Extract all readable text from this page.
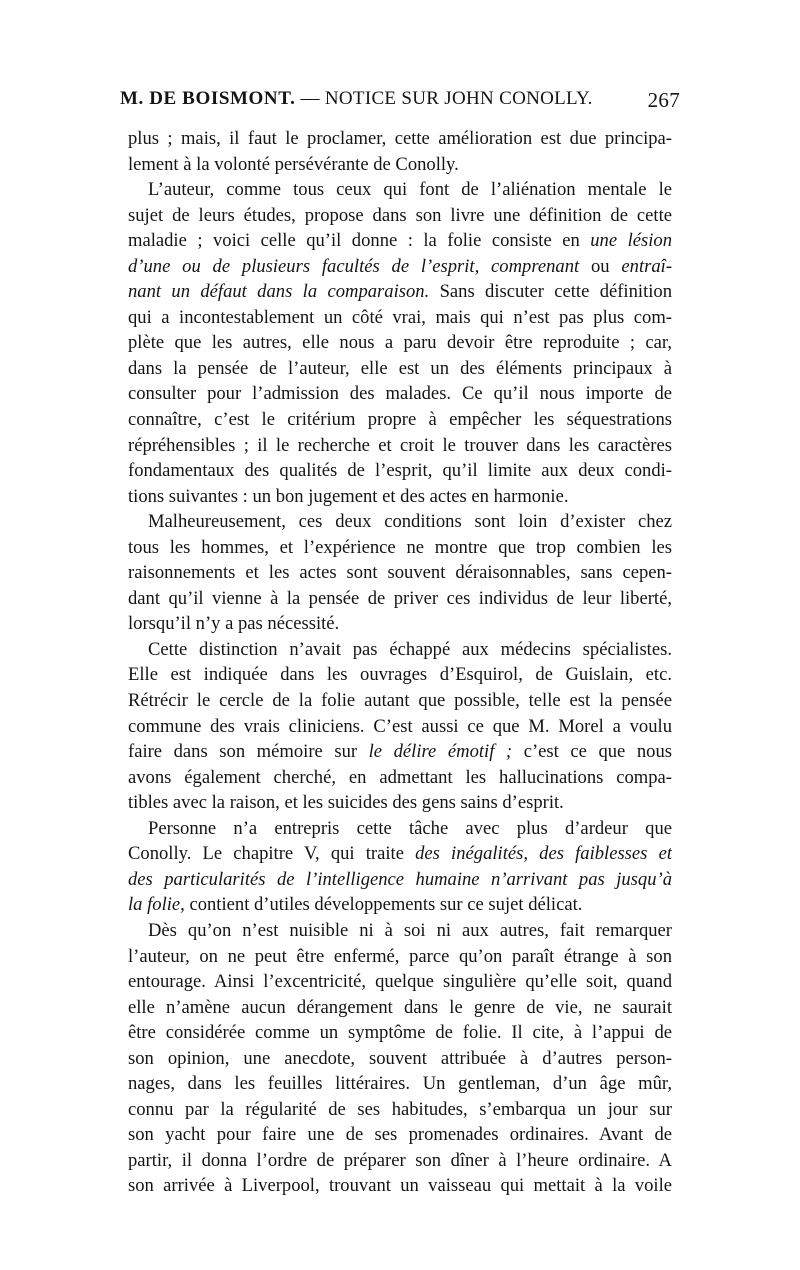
M. DE BOISMONT. — NOTICE SUR JOHN CONOLLY.	267
plus ; mais, il faut le proclamer, cette amélioration est due principa-
lement à la volonté persévérante de Conolly.
L’auteur, comme tous ceux qui font de l’aliénation mentale le
sujet de leurs études, propose dans son livre une définition de cette
maladie ; voici celle qu’il donne : la folie consiste en une lésion
d’une ou de plusieurs facultés de l’esprit, comprenant ou entraî-
nant un défaut dans la comparaison. Sans discuter cette définition
qui a incontestablement un côté vrai, mais qui n’est pas plus com-
plète que les autres, elle nous a paru devoir être reproduite ; car,
dans la pensée de l’auteur, elle est un des éléments principaux à
consulter pour l’admission des malades. Ce qu’il nous importe de
connaître, c’est le critérium propre à empêcher les séquestrations
répréhensibles ; il le recherche et croit le trouver dans les caractères
fondamentaux des qualités de l’esprit, qu’il limite aux deux condi-
tions suivantes : un bon jugement et des actes en harmonie.
Malheureusement, ces deux conditions sont loin d’exister chez
tous les hommes, et l’expérience ne montre que trop combien les
raisonnements et les actes sont souvent déraisonnables, sans cepen-
dant qu’il vienne à la pensée de priver ces individus de leur liberté,
lorsqu’il n’y a pas nécessité.
Cette distinction n’avait pas échappé aux médecins spécialistes.
Elle est indiquée dans les ouvrages d’Esquirol, de Guislain, etc.
Rétrécir le cercle de la folie autant que possible, telle est la pensée
commune des vrais cliniciens. C’est aussi ce que M. Morel a voulu
faire dans son mémoire sur le délire émotif ; c’est ce que nous
avons également cherché, en admettant les hallucinations compa-
tibles avec la raison, et les suicides des gens sains d’esprit.
Personne n’a entrepris cette tâche avec plus d’ardeur que
Conolly. Le chapitre V, qui traite des inégalités, des faiblesses et
des particularités de l’intelligence humaine n’arrivant pas jusqu’à
la folie, contient d’utiles développements sur ce sujet délicat.
Dès qu’on n’est nuisible ni à soi ni aux autres, fait remarquer
l’auteur, on ne peut être enfermé, parce qu’on paraît étrange à son
entourage. Ainsi l’excentricité, quelque singulière qu’elle soit, quand
elle n’amène aucun dérangement dans le genre de vie, ne saurait
être considérée comme un symptôme de folie. Il cite, à l’appui de
son opinion, une anecdote, souvent attribuée à d’autres person-
nages, dans les feuilles littéraires. Un gentleman, d’un âge mûr,
connu par la régularité de ses habitudes, s’embarqua un jour sur
son yacht pour faire une de ses promenades ordinaires. Avant de
partir, il donna l’ordre de préparer son dîner à l’heure ordinaire. A
son arrivée à Liverpool, trouvant un vaisseau qui mettait à la voile
